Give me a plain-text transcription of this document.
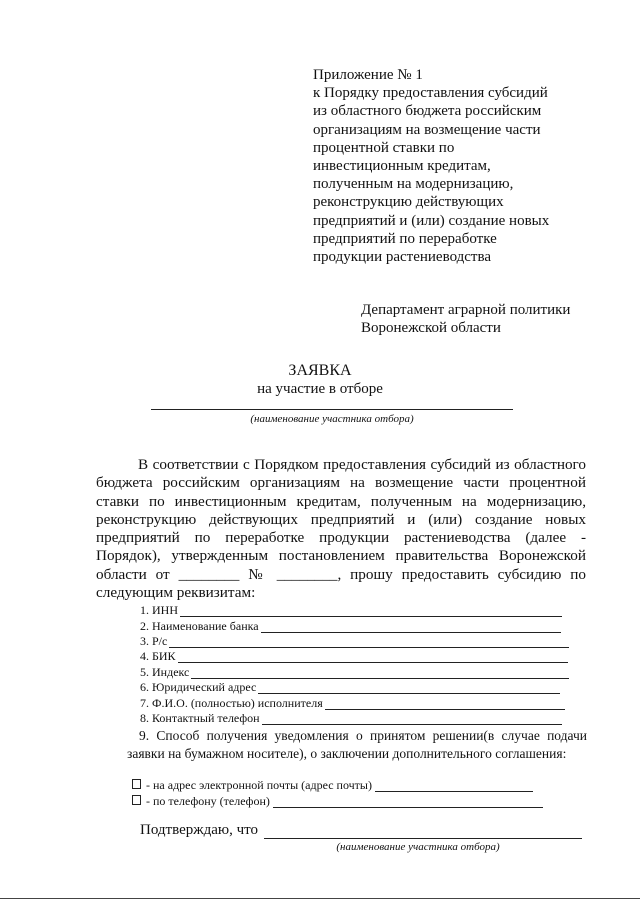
Приложение № 1
к Порядку предоставления субсидий
из областного бюджета российским
организациям на возмещение части
процентной ставки по
инвестиционным кредитам,
полученным на модернизацию,
реконструкцию действующих
предприятий и (или) создание новых
предприятий по переработке
продукции растениеводства
Департамент аграрной политики
Воронежской области
ЗАЯВКА
на участие в отборе
(наименование участника отбора)
В соответствии с Порядком предоставления субсидий из областного бюджета российским организациям на возмещение части процентной ставки по инвестиционным кредитам, полученным на модернизацию, реконструкцию действующих предприятий и (или) создание новых предприятий по переработке продукции растениеводства (далее - Порядок), утвержденным постановлением правительства Воронежской области от ________ № ________, прошу предоставить субсидию по следующим реквизитам:
1. ИНН
2. Наименование банка
3. Р/с
4. БИК
5. Индекс
6. Юридический адрес
7. Ф.И.О. (полностью) исполнителя
8. Контактный телефон
9. Способ получения уведомления о принятом решении(в случае подачи заявки на бумажном носителе), о заключении дополнительного соглашения:
- на адрес электронной почты (адрес почты)
- по телефону (телефон)
Подтверждаю, что
(наименование участника отбора)
